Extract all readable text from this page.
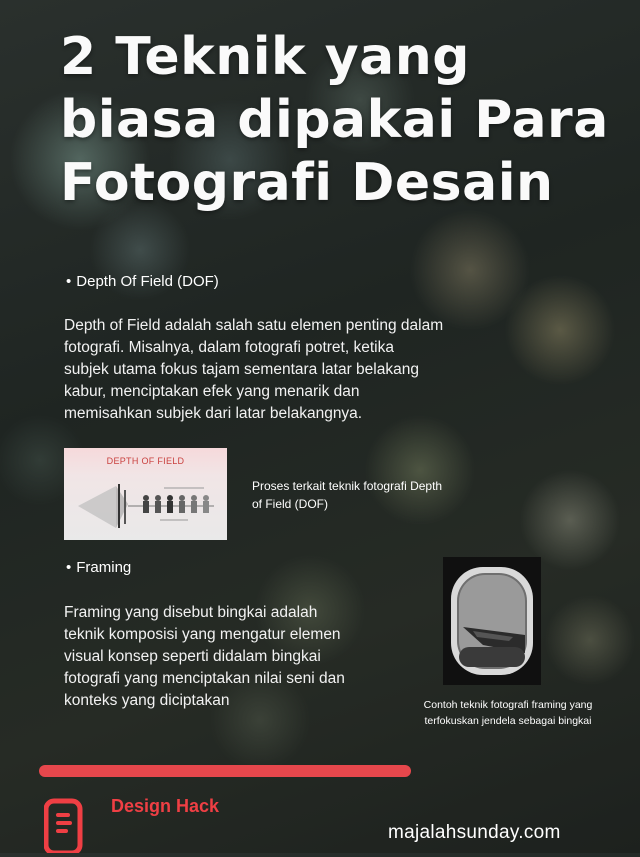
2 Teknik yang
biasa dipakai Para
Fotografi Desain
• Depth Of Field (DOF)
Depth of Field adalah salah satu elemen penting dalam
fotografi. Misalnya, dalam fotografi potret, ketika
subjek utama fokus tajam sementara latar belakang
kabur, menciptakan efek yang menarik dan
memisahkan subjek dari latar belakangnya.
DEPTH OF FIELD
Proses terkait teknik fotografi Depth
of Field (DOF)
• Framing
Framing yang disebut bingkai adalah
teknik komposisi yang mengatur elemen
visual konsep seperti didalam bingkai
fotografi yang menciptakan nilai seni dan
konteks yang diciptakan	Contoh teknik fotografi framing yang
terfokuskan jendela sebagai bingkai
Design Hack
majalahsunday.com
